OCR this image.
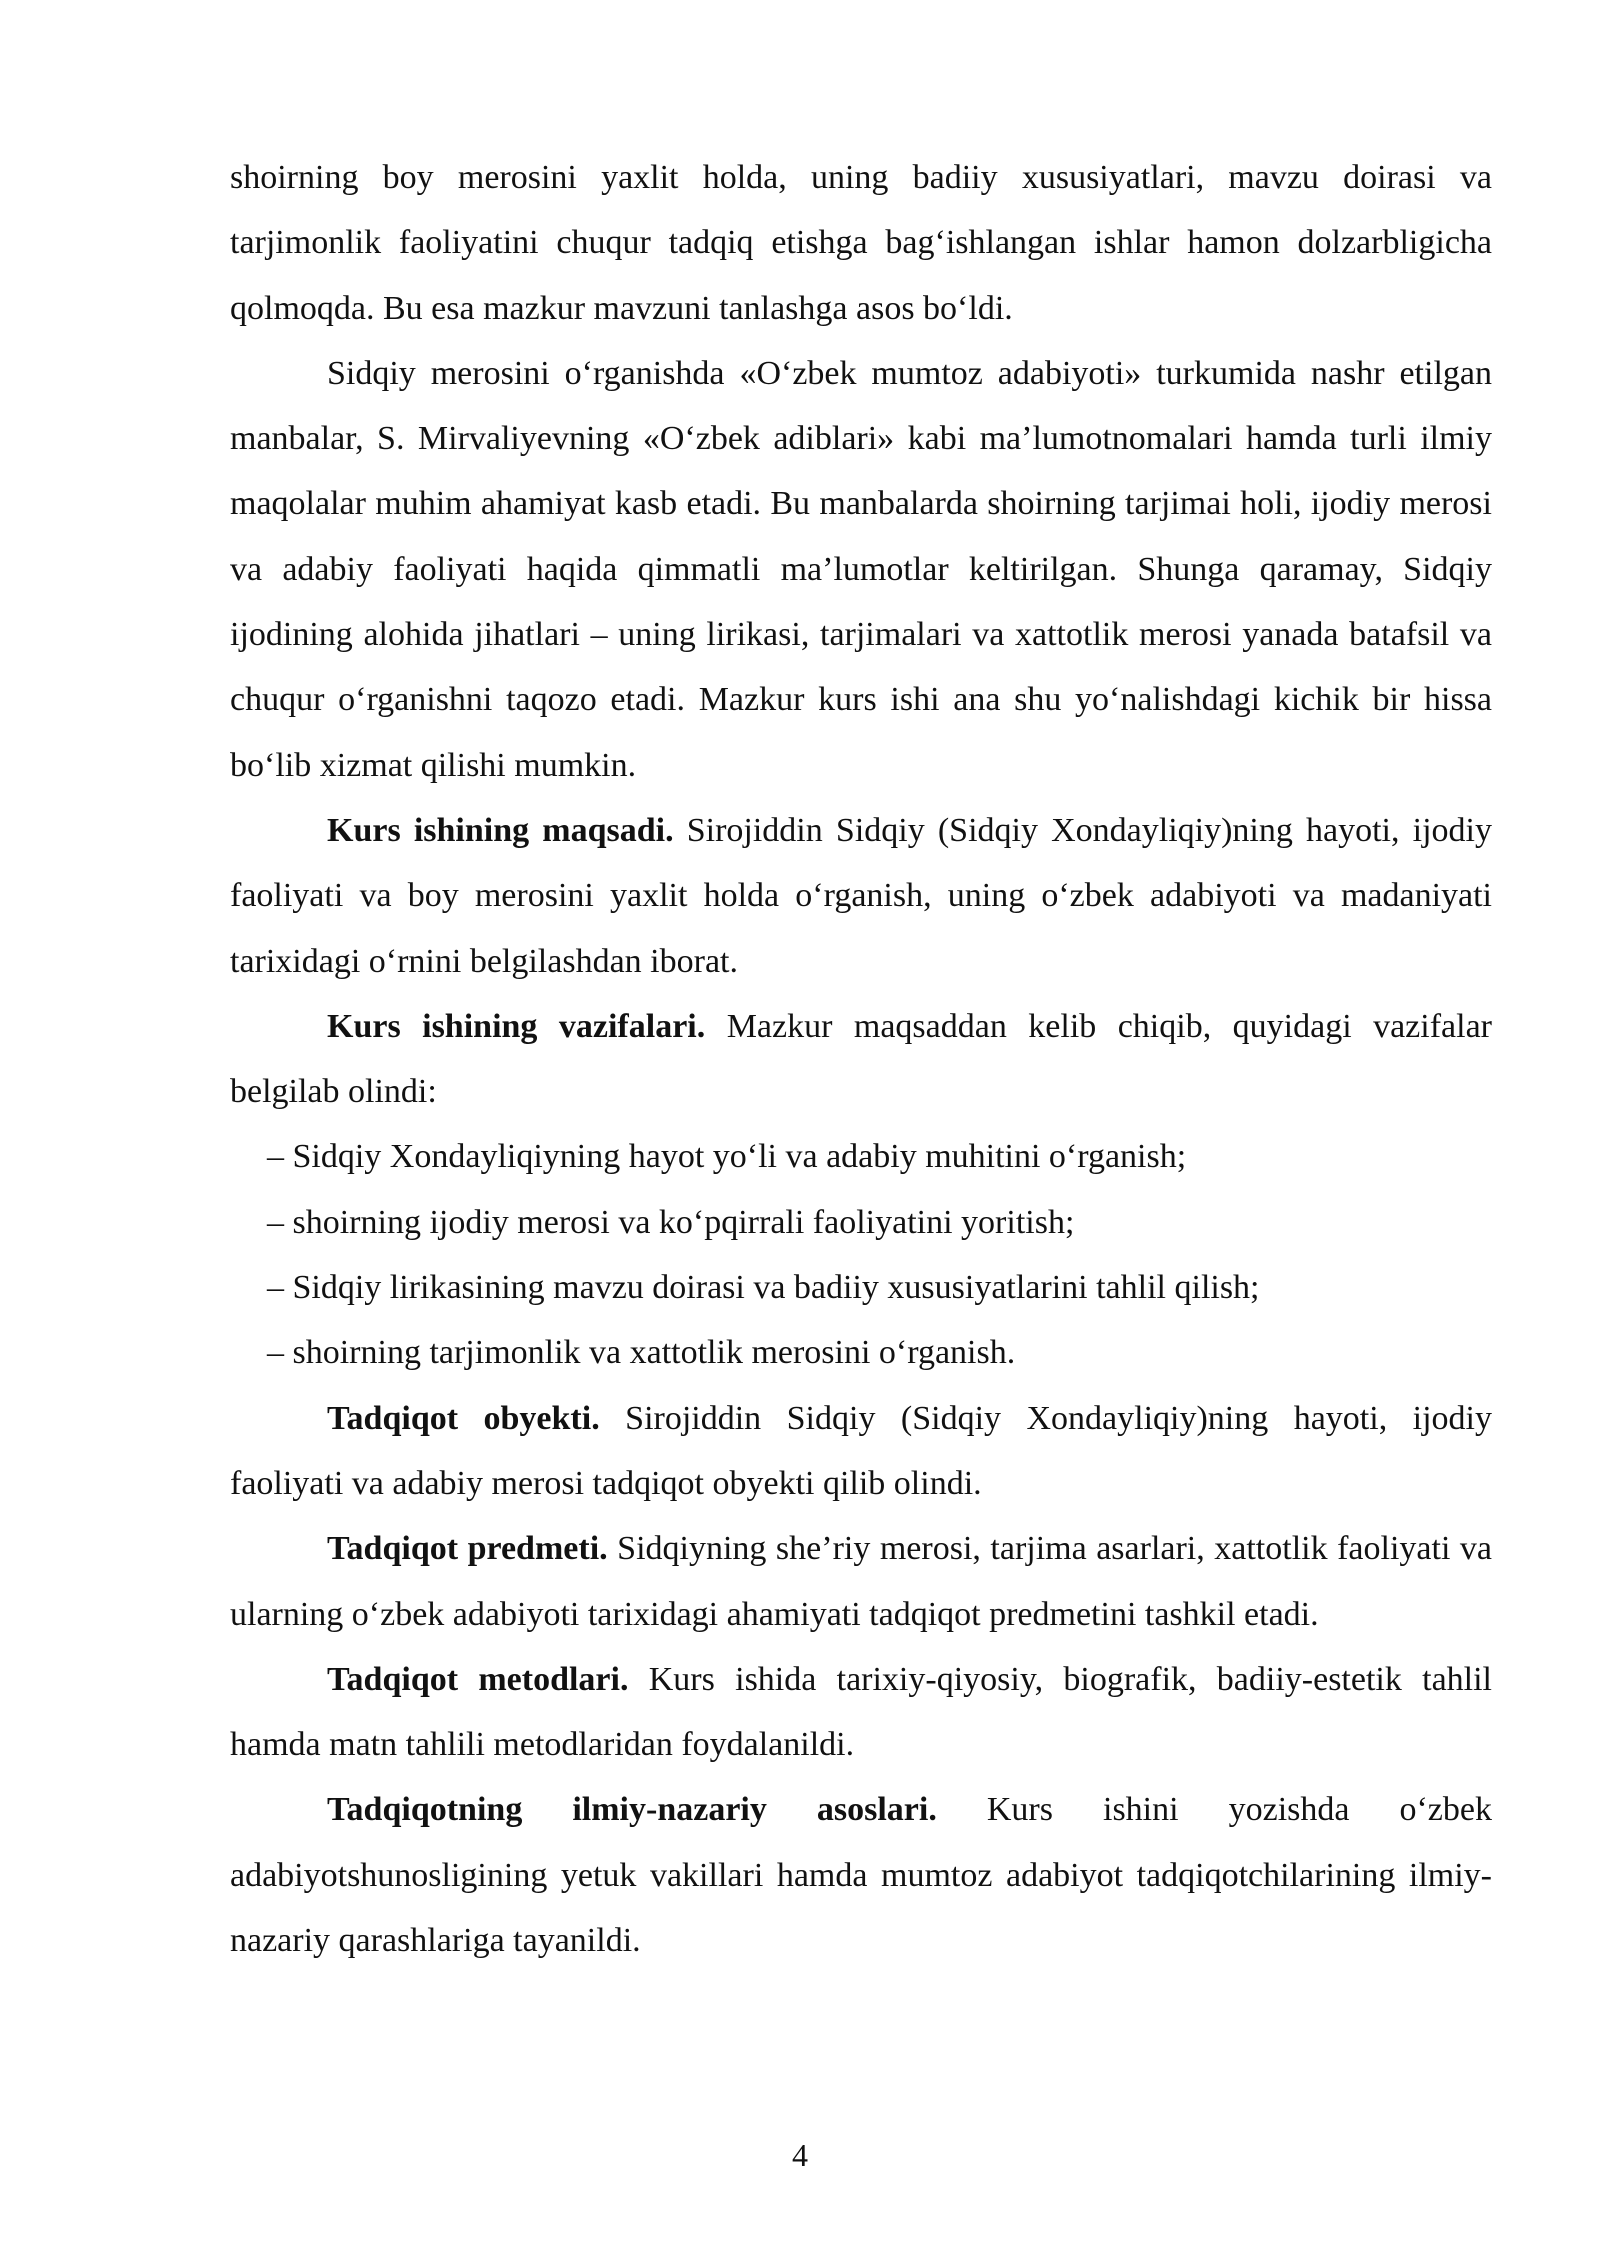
shoirning boy merosini yaxlit holda, uning badiiy xususiyatlari, mavzu doirasi va tarjimonlik faoliyatini chuqur tadqiq etishga bag‘ishlangan ishlar hamon dolzarbligicha qolmoqda. Bu esa mazkur mavzuni tanlashga asos bo‘ldi.

Sidqiy merosini o‘rganishda «O‘zbek mumtoz adabiyoti» turkumida nashr etilgan manbalar, S. Mirvaliyevning «O‘zbek adiblari» kabi ma’lumotnomalari hamda turli ilmiy maqolalar muhim ahamiyat kasb etadi. Bu manbalarda shoirning tarjimai holi, ijodiy merosi va adabiy faoliyati haqida qimmatli ma’lumotlar keltirilgan. Shunga qaramay, Sidqiy ijodining alohida jihatlari – uning lirikasi, tarjimalari va xattotlik merosi yanada batafsil va chuqur o‘rganishni taqozo etadi. Mazkur kurs ishi ana shu yo‘nalishdagi kichik bir hissa bo‘lib xizmat qilishi mumkin.

Kurs ishining maqsadi. Sirojiddin Sidqiy (Sidqiy Xondayliqiy)ning hayoti, ijodiy faoliyati va boy merosini yaxlit holda o‘rganish, uning o‘zbek adabiyoti va madaniyati tarixidagi o‘rnini belgilashdan iborat.

Kurs ishining vazifalari. Mazkur maqsaddan kelib chiqib, quyidagi vazifalar belgilab olindi:

– Sidqiy Xondayliqiyning hayot yo‘li va adabiy muhitini o‘rganish;

– shoirning ijodiy merosi va ko‘pqirrali faoliyatini yoritish;

– Sidqiy lirikasining mavzu doirasi va badiiy xususiyatlarini tahlil qilish;

– shoirning tarjimonlik va xattotlik merosini o‘rganish.

Tadqiqot obyekti. Sirojiddin Sidqiy (Sidqiy Xondayliqiy)ning hayoti, ijodiy faoliyati va adabiy merosi tadqiqot obyekti qilib olindi.

Tadqiqot predmeti. Sidqiyning she’riy merosi, tarjima asarlari, xattotlik faoliyati va ularning o‘zbek adabiyoti tarixidagi ahamiyati tadqiqot predmetini tashkil etadi.

Tadqiqot metodlari. Kurs ishida tarixiy-qiyosiy, biografik, badiiy-estetik tahlil hamda matn tahlili metodlaridan foydalanildi.

Tadqiqotning ilmiy-nazariy asoslari. Kurs ishini yozishda o‘zbek adabiyotshunosligining yetuk vakillari hamda mumtoz adabiyot tadqiqotchilarining ilmiy-nazariy qarashlariga tayanildi.

4
